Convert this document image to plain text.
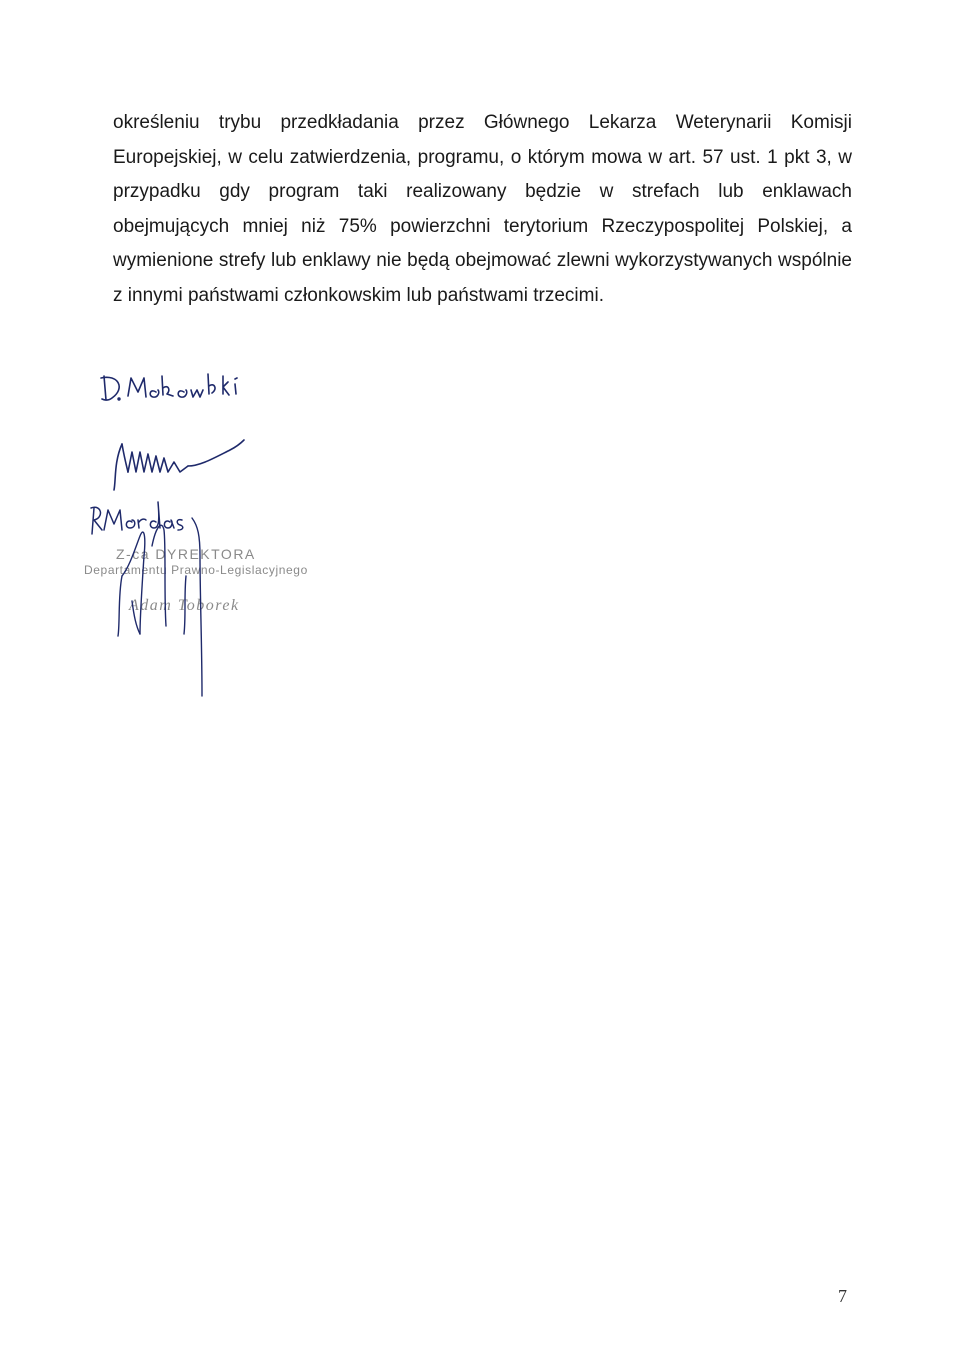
określeniu trybu przedkładania przez Głównego Lekarza Weterynarii Komisji Europejskiej, w celu zatwierdzenia, programu, o którym mowa w art. 57 ust. 1 pkt 3, w przypadku gdy program taki realizowany będzie w strefach lub enklawach obejmujących mniej niż 75% powierzchni terytorium Rzeczypospolitej Polskiej, a wymienione strefy lub enklawy nie będą obejmować zlewni wykorzystywanych wspólnie z innymi państwami członkowskim lub państwami trzecimi.

Z-ca DYREKTORA
Departamentu Prawno-Legislacyjnego
Adam Toborek
7
